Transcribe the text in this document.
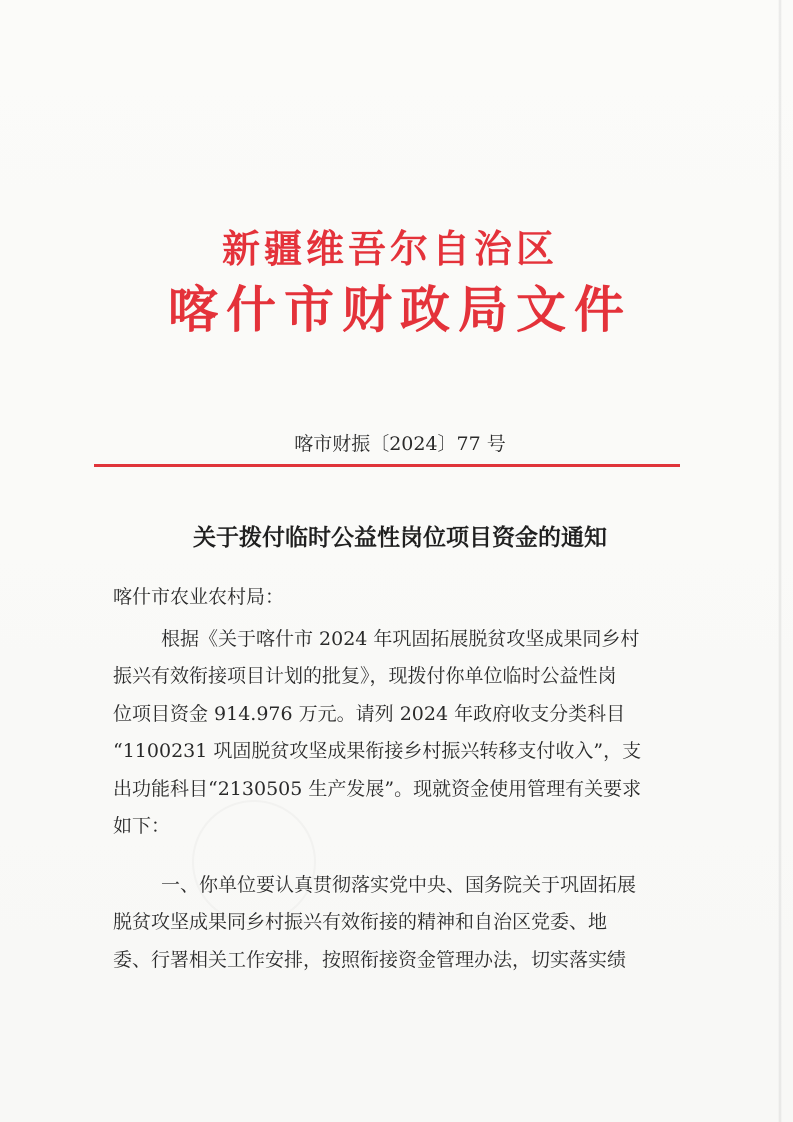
新疆维吾尔自治区
喀什市财政局文件
喀市财振〔2024〕77 号
关于拨付临时公益性岗位项目资金的通知
喀什市农业农村局：
根据《关于喀什市 2024 年巩固拓展脱贫攻坚成果同乡村
振兴有效衔接项目计划的批复》，现拨付你单位临时公益性岗
位项目资金 914.976 万元。请列 2024 年政府收支分类科目
“1100231 巩固脱贫攻坚成果衔接乡村振兴转移支付收入”，支
出功能科目“2130505 生产发展”。现就资金使用管理有关要求
如下：
一、你单位要认真贯彻落实党中央、国务院关于巩固拓展
脱贫攻坚成果同乡村振兴有效衔接的精神和自治区党委、地
委、行署相关工作安排，按照衔接资金管理办法，切实落实绩
